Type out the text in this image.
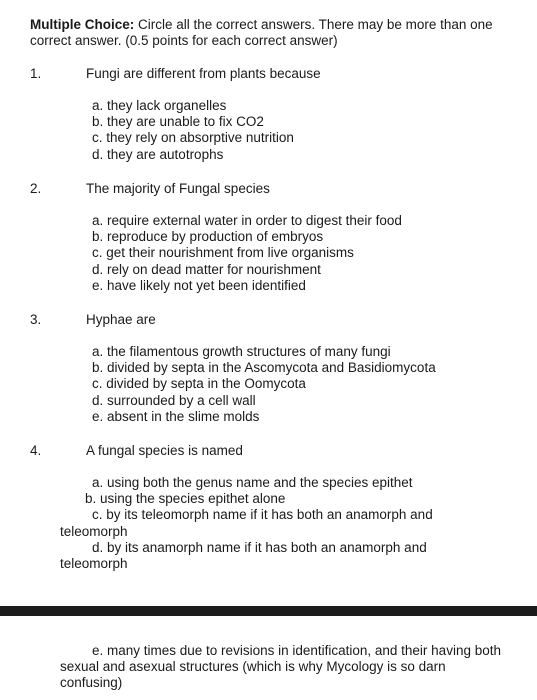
Multiple Choice: Circle all the correct answers. There may be more than one correct answer. (0.5 points for each correct answer)
1.	Fungi are different from plants because
a. they lack organelles
b. they are unable to fix CO2
c. they rely on absorptive nutrition
d. they are autotrophs
2.	The majority of Fungal species
a. require external water in order to digest their food
b. reproduce by production of embryos
c. get their nourishment from live organisms
d. rely on dead matter for nourishment
e. have likely not yet been identified
3.	Hyphae are
a. the filamentous growth structures of many fungi
b. divided by septa in the Ascomycota and Basidiomycota
c. divided by septa in the Oomycota
d. surrounded by a cell wall
e. absent in the slime molds
4.	A fungal species is named
a. using both the genus name and the species epithet
b. using the species epithet alone
c. by its teleomorph name if it has both an anamorph and teleomorph
d. by its anamorph name if it has both an anamorph and teleomorph
e. many times due to revisions in identification, and their having both sexual and asexual structures (which is why Mycology is so darn confusing)
